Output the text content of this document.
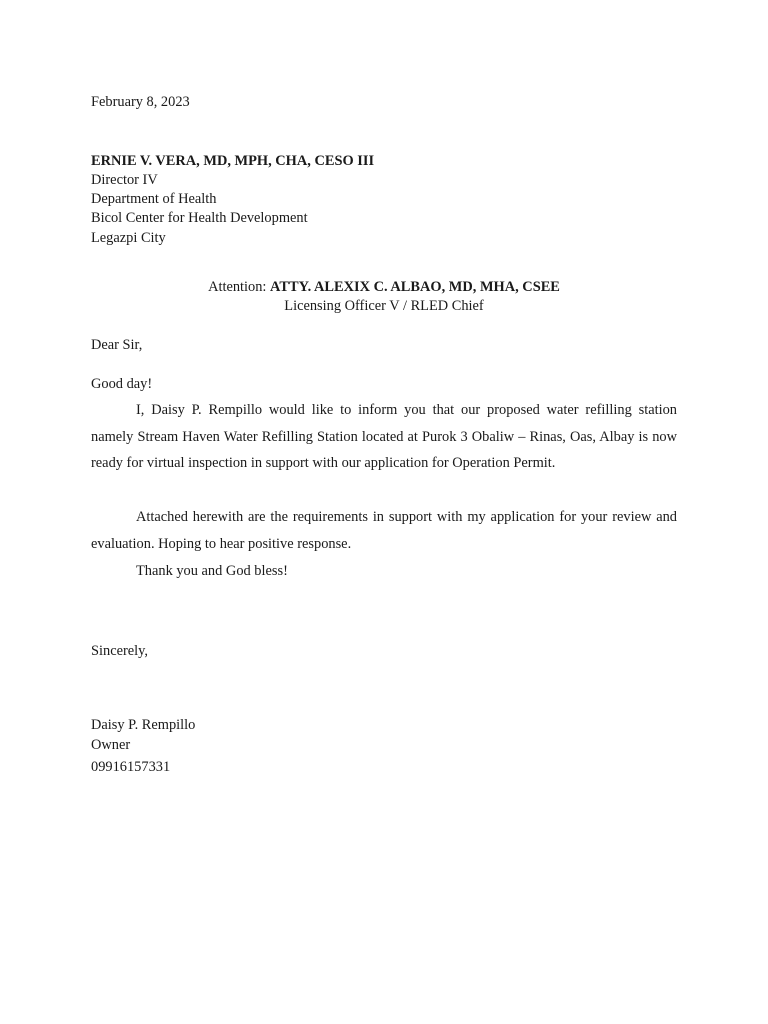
February 8, 2023
ERNIE V. VERA, MD, MPH, CHA, CESO III
Director IV
Department of Health
Bicol Center for Health Development
Legazpi City
Attention: ATTY. ALEXIX C. ALBAO, MD, MHA, CSEE
Licensing Officer V / RLED Chief
Dear Sir,
Good day!
I, Daisy P. Rempillo would like to inform you that our proposed water refilling station namely Stream Haven Water Refilling Station located at Purok 3 Obaliw – Rinas, Oas, Albay is now ready for virtual inspection in support with our application for Operation Permit.
Attached herewith are the requirements in support with my application for your review and evaluation. Hoping to hear positive response.
Thank you and God bless!
Sincerely,
Daisy P. Rempillo
Owner
09916157331
